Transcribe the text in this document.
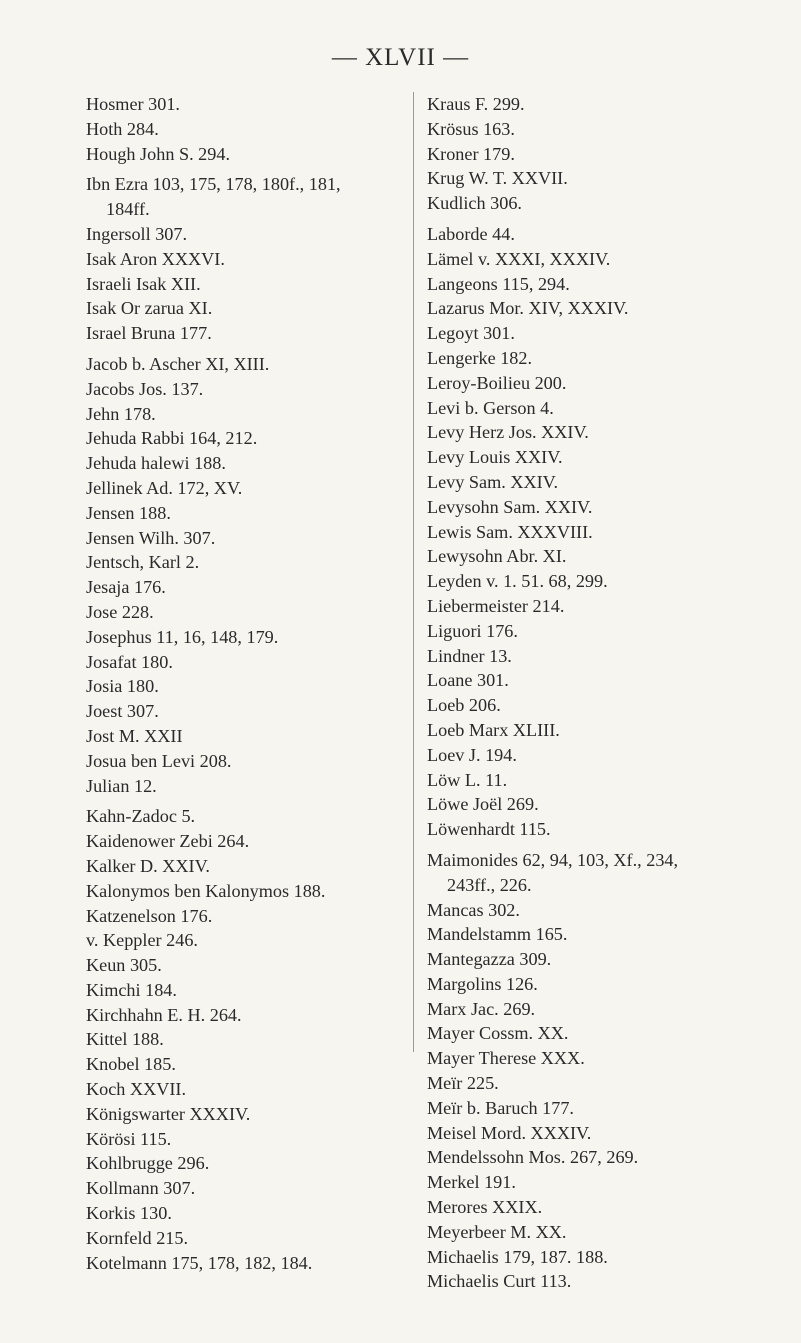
— XLVII —
Hosmer 301.
Hoth 284.
Hough John S. 294.
Ibn Ezra 103, 175, 178, 180f., 181,
184ff.
Ingersoll 307.
Isak Aron XXXVI.
Israeli Isak XII.
Isak Or zarua XI.
Israel Bruna 177.
Jacob b. Ascher XI, XIII.
Jacobs Jos. 137.
Jehn 178.
Jehuda Rabbi 164, 212.
Jehuda halewi 188.
Jellinek Ad. 172, XV.
Jensen 188.
Jensen Wilh. 307.
Jentsch, Karl 2.
Jesaja 176.
Jose 228.
Josephus 11, 16, 148, 179.
Josafat 180.
Josia 180.
Joest 307.
Jost M. XXII
Josua ben Levi 208.
Julian 12.
Kahn-Zadoc 5.
Kaidenower Zebi 264.
Kalker D. XXIV.
Kalonymos ben Kalonymos 188.
Katzenelson 176.
v. Keppler 246.
Keun 305.
Kimchi 184.
Kirchhahn E. H. 264.
Kittel 188.
Knobel 185.
Koch XXVII.
Königswarter XXXIV.
Körösi 115.
Kohlbrugge 296.
Kollmann 307.
Korkis 130.
Kornfeld 215.
Kotelmann 175, 178, 182, 184.
Kraus F. 299.
Krösus 163.
Kroner 179.
Krug W. T. XXVII.
Kudlich 306.
Laborde 44.
Lämel v. XXXI, XXXIV.
Langeons 115, 294.
Lazarus Mor. XIV, XXXIV.
Legoyt 301.
Lengerke 182.
Leroy-Boilieu 200.
Levi b. Gerson 4.
Levy Herz Jos. XXIV.
Levy Louis XXIV.
Levy Sam. XXIV.
Levysohn Sam. XXIV.
Lewis Sam. XXXVIII.
Lewysohn Abr. XI.
Leyden v. 1. 51. 68, 299.
Liebermeister 214.
Liguori 176.
Lindner 13.
Loane 301.
Loeb 206.
Loeb Marx XLIII.
Loev J. 194.
Löw L. 11.
Löwe Joël 269.
Löwenhardt 115.
Maimonides 62, 94, 103, Xf., 234,
243ff., 226.
Mancas 302.
Mandelstamm 165.
Mantegazza 309.
Margolins 126.
Marx Jac. 269.
Mayer Cossm. XX.
Mayer Therese XXX.
Meïr 225.
Meïr b. Baruch 177.
Meisel Mord. XXXIV.
Mendelssohn Mos. 267, 269.
Merkel 191.
Merores XXIX.
Meyerbeer M. XX.
Michaelis 179, 187. 188.
Michaelis Curt 113.
